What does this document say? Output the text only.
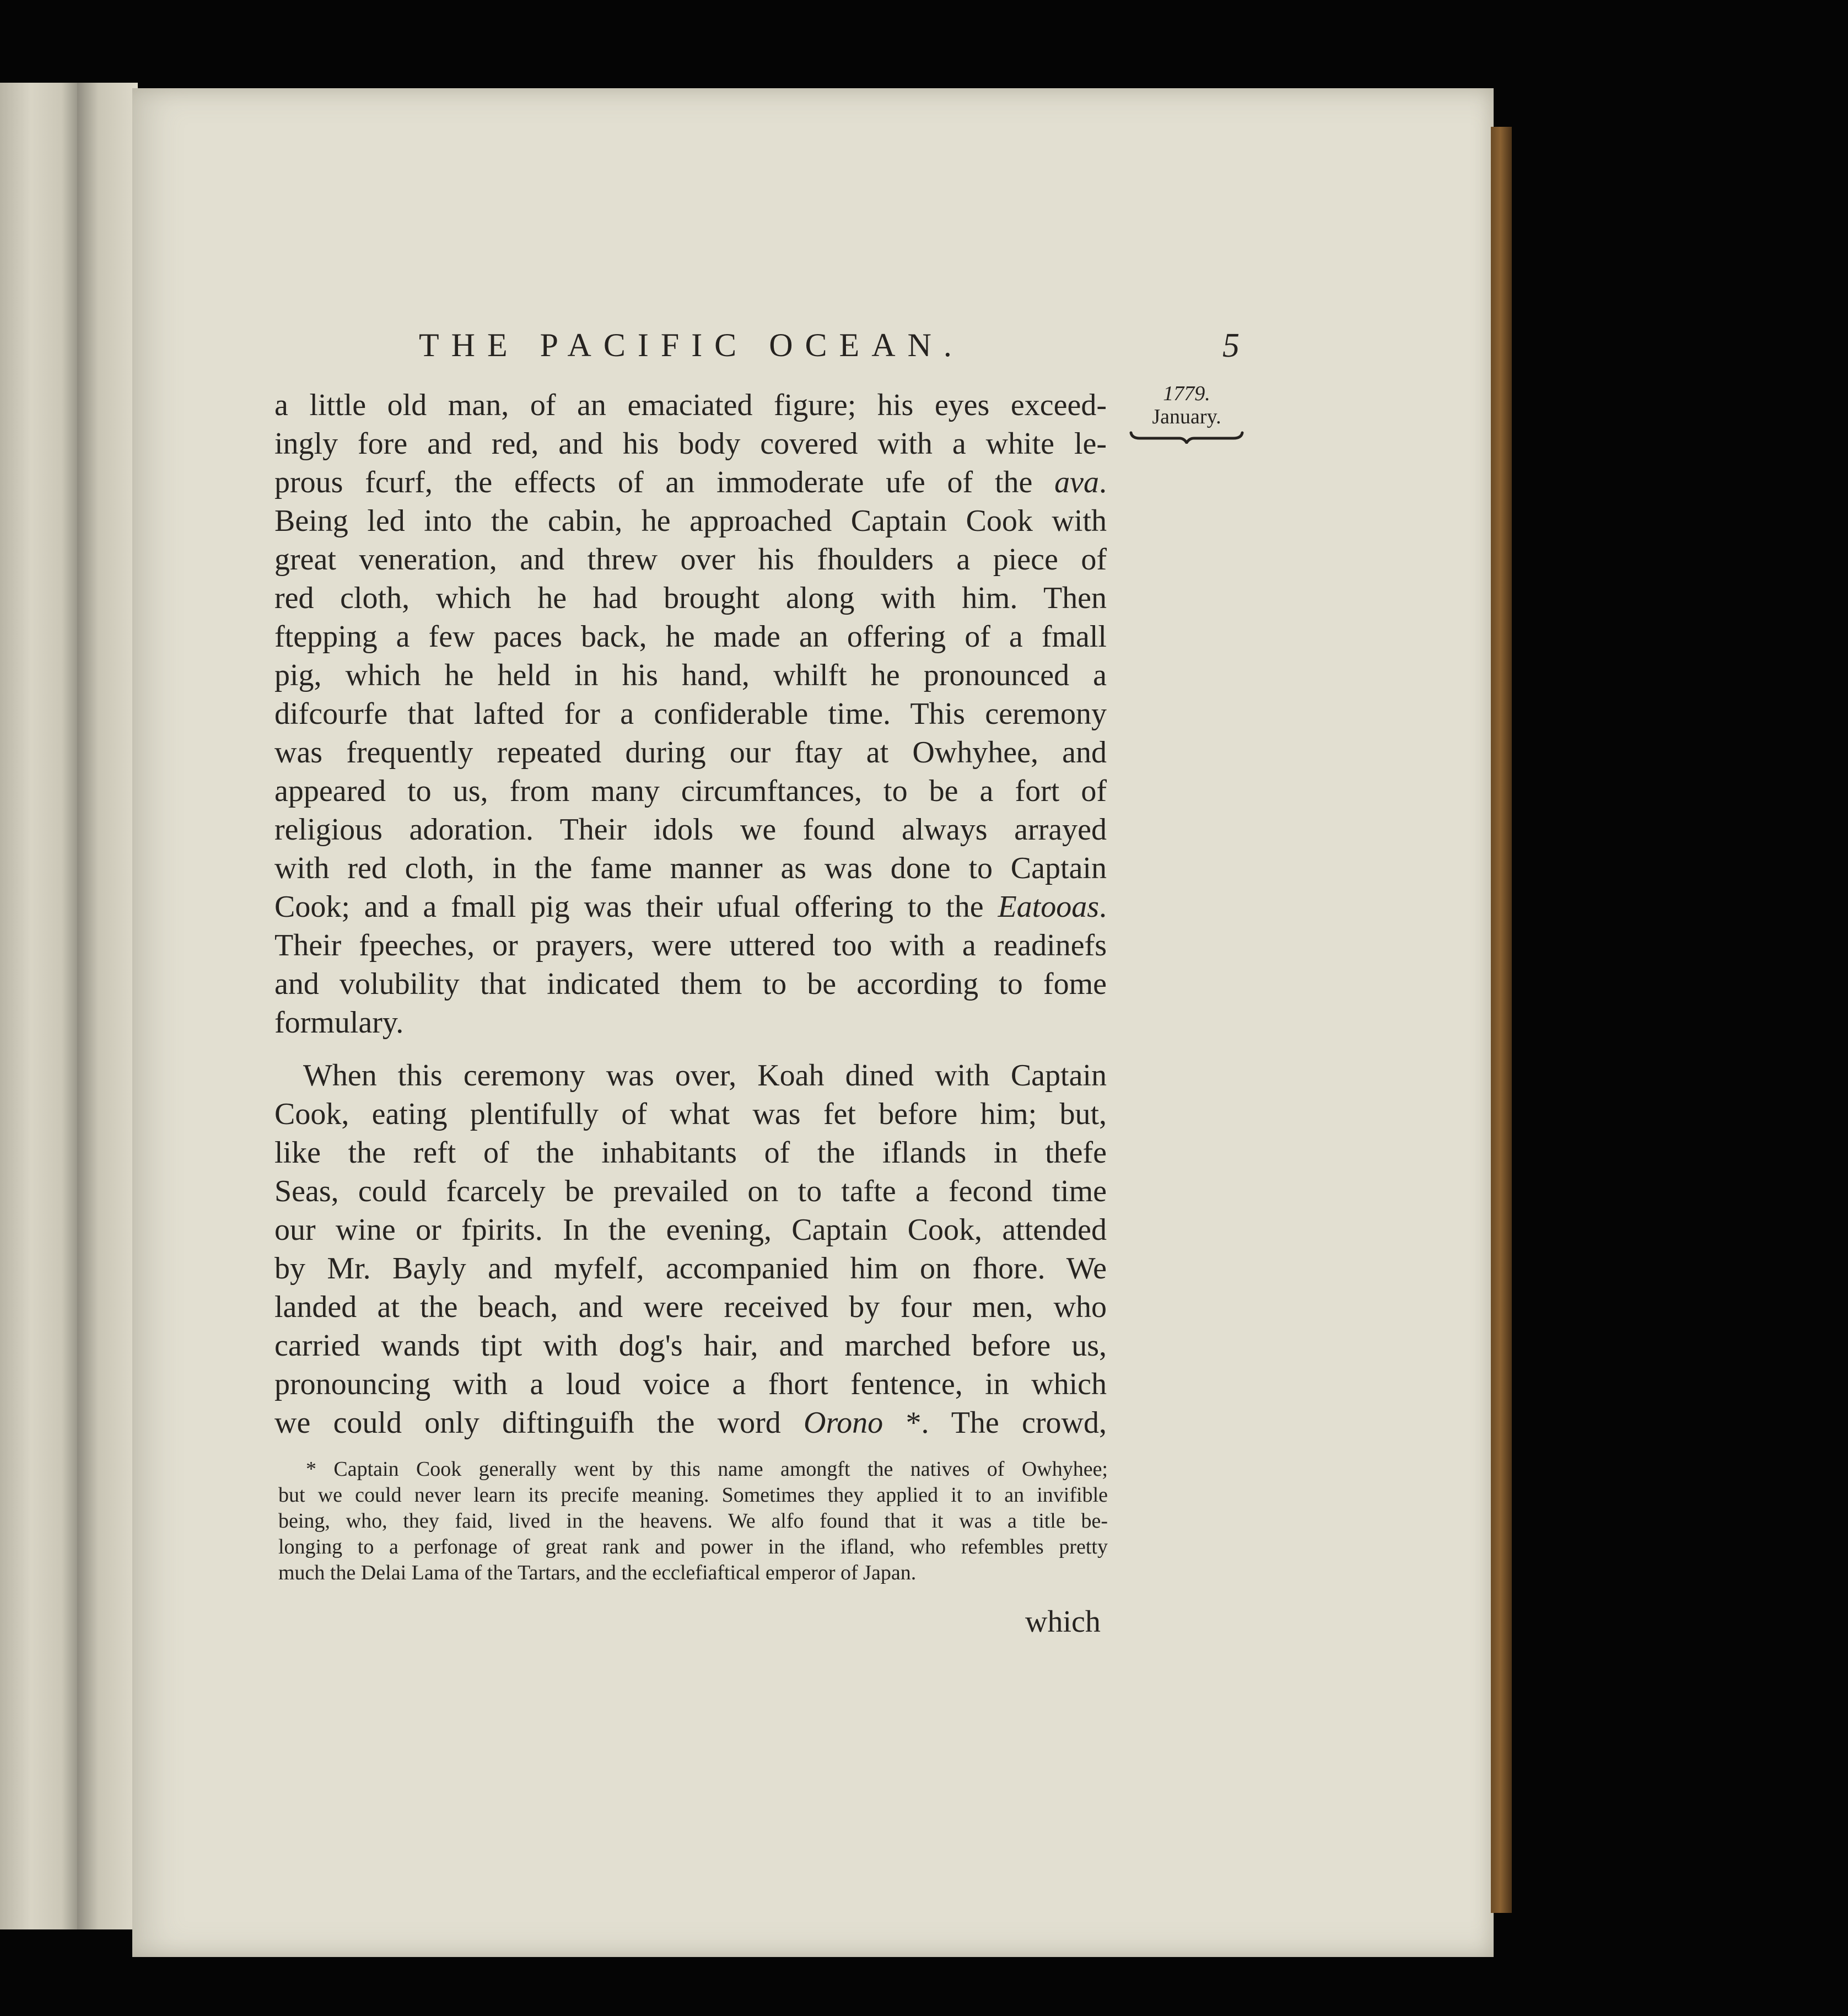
THE PACIFIC OCEAN.	5
1779.
January.
a little old man, of an emaciated figure; his eyes exceed-
ingly fore and red, and his body covered with a white le-
prous fcurf, the effects of an immoderate ufe of the ava.
Being led into the cabin, he approached Captain Cook with
great veneration, and threw over his fhoulders a piece of
red cloth, which he had brought along with him. Then
ftepping a few paces back, he made an offering of a fmall
pig, which he held in his hand, whilft he pronounced a
difcourfe that lafted for a confiderable time. This ceremony
was frequently repeated during our ftay at Owhyhee, and
appeared to us, from many circumftances, to be a fort of
religious adoration. Their idols we found always arrayed
with red cloth, in the fame manner as was done to Captain
Cook; and a fmall pig was their ufual offering to the Eatooas.
Their fpeeches, or prayers, were uttered too with a readinefs
and volubility that indicated them to be according to fome
formulary.
When this ceremony was over, Koah dined with Captain
Cook, eating plentifully of what was fet before him; but,
like the reft of the inhabitants of the iflands in thefe
Seas, could fcarcely be prevailed on to tafte a fecond time
our wine or fpirits. In the evening, Captain Cook, attended
by Mr. Bayly and myfelf, accompanied him on fhore. We
landed at the beach, and were received by four men, who
carried wands tipt with dog's hair, and marched before us,
pronouncing with a loud voice a fhort fentence, in which
we could only diftinguifh the word Orono *. The crowd,
* Captain Cook generally went by this name amongft the natives of Owhyhee;
but we could never learn its precife meaning. Sometimes they applied it to an invifible
being, who, they faid, lived in the heavens. We alfo found that it was a title be-
longing to a perfonage of great rank and power in the ifland, who refembles pretty
much the Delai Lama of the Tartars, and the ecclefiaftical emperor of Japan.
which
